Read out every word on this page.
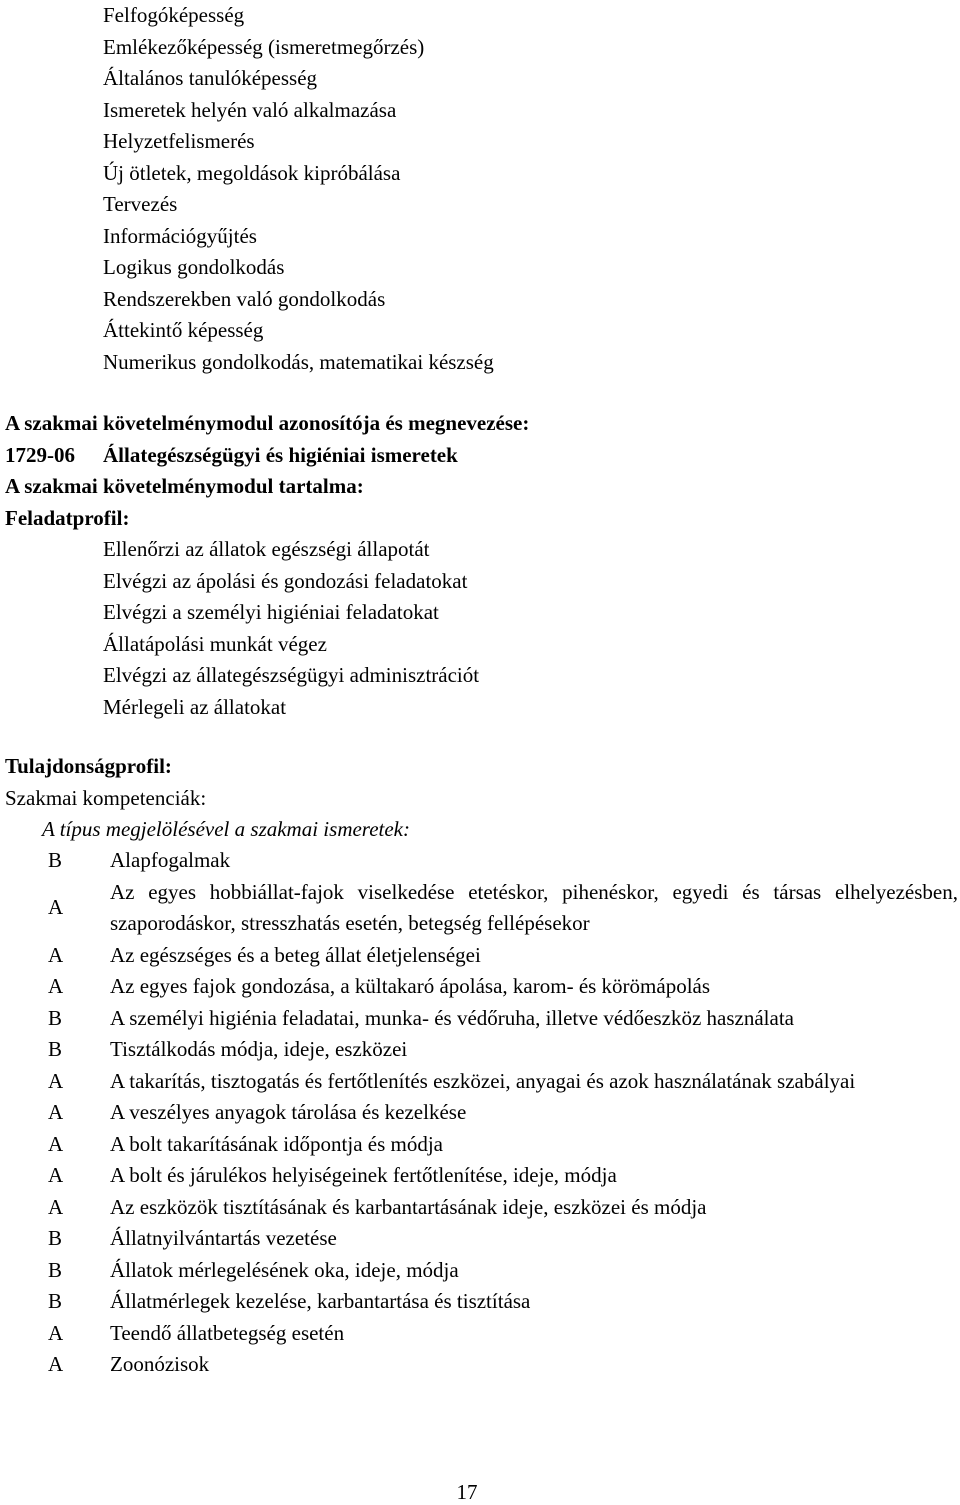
Felfogóképesség
Emlékezőképesség (ismeretmegőrzés)
Általános tanulóképesség
Ismeretek helyén való alkalmazása
Helyzetfelismerés
Új ötletek, megoldások kipróbálása
Tervezés
Információgyűjtés
Logikus gondolkodás
Rendszerekben való gondolkodás
Áttekintő képesség
Numerikus gondolkodás, matematikai készség
A szakmai követelménymodul azonosítója és megnevezése:
1729-06	Állategészségügyi és higiéniai ismeretek
A szakmai követelménymodul tartalma:
Feladatprofil:
Ellenőrzi az állatok egészségi állapotát
Elvégzi az ápolási és gondozási feladatokat
Elvégzi a személyi higiéniai feladatokat
Állatápolási munkát végez
Elvégzi az állategészségügyi adminisztrációt
Mérlegeli az állatokat
Tulajdonságprofil:
Szakmai kompetenciák:
A típus megjelölésével a szakmai ismeretek:
B	Alapfogalmak
A	Az egyes hobbiállat-fajok viselkedése etetéskor, pihenéskor, egyedi és társas elhelyezésben, szaporodáskor, stresszhatás esetén, betegség fellépésekor
A	Az egészséges és a beteg állat életjelenségei
A	Az egyes fajok gondozása, a kültakaró ápolása, karom- és körömápolás
B	A személyi higiénia feladatai, munka- és védőruha, illetve védőeszköz használata
B	Tisztálkodás módja, ideje, eszközei
A	A takarítás, tisztogatás és fertőtlenítés eszközei, anyagai és azok használatának szabályai
A	A veszélyes anyagok tárolása és kezelkése
A	A bolt takarításának időpontja és módja
A	A bolt és járulékos helyiségeinek fertőtlenítése, ideje, módja
A	Az eszközök tisztításának és karbantartásának ideje, eszközei és módja
B	Állatnyilvántartás vezetése
B	Állatok mérlegelésének oka, ideje, módja
B	Állatmérlegek kezelése, karbantartása és tisztítása
A	Teendő állatbetegség esetén
A	Zoonózisok
17
